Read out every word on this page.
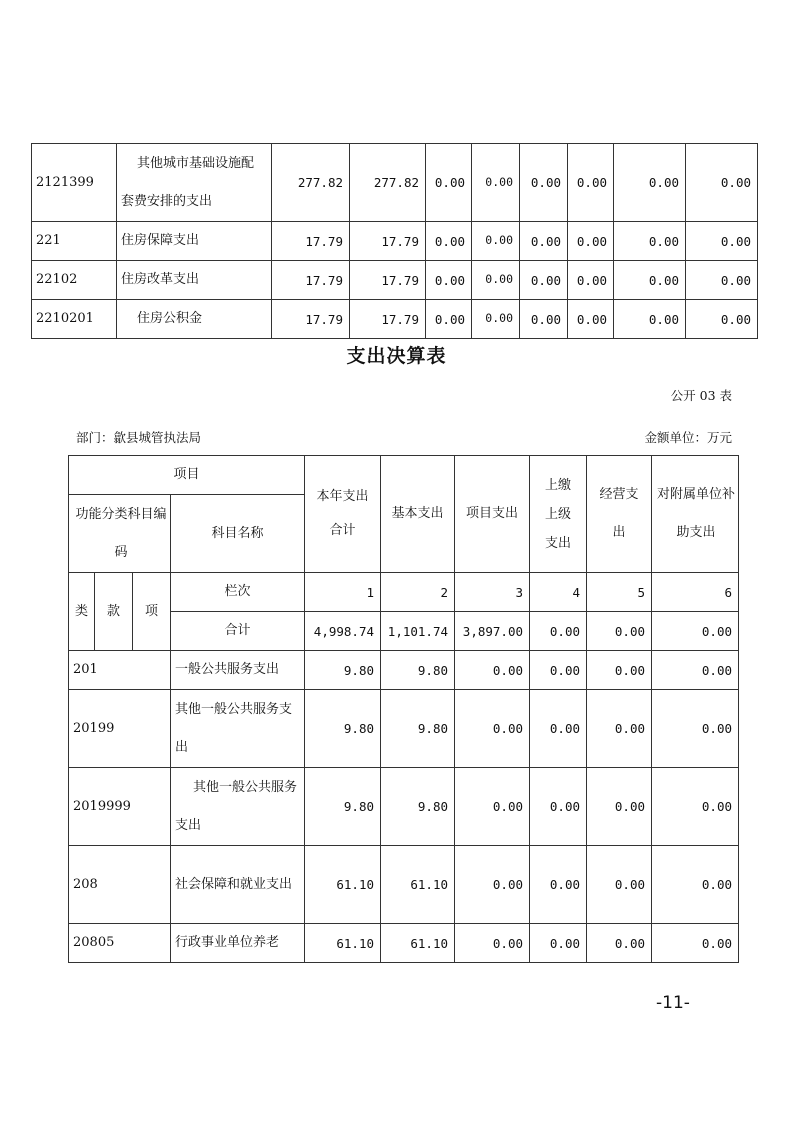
2121399	其他城市基础设施配
套费安排的支出	277.82	277.82	0.00	0.00	0.00	0.00	0.00	0.00
221	住房保障支出	17.79	17.79	0.00	0.00	0.00	0.00	0.00	0.00
22102	住房改革支出	17.79	17.79	0.00	0.00	0.00	0.00	0.00	0.00
2210201	住房公积金	17.79	17.79	0.00	0.00	0.00	0.00	0.00	0.00
支出决算表
公开 03 表
部门：歙县城管执法局	金额单位：万元
项目				本年支出合计	基本支出	项目支出	上缴上级支出	经营支出	对附属单位补助支出

功能分类科目编码			科目名称						
类	款	项	栏次	1	2	3	4	5	6
			合计	4,998.74	1,101.74	3,897.00	0.00	0.00	0.00
201			一般公共服务支出	9.80	9.80	0.00	0.00	0.00	0.00
20199			其他一般公共服务支出	9.80	9.80	0.00	0.00	0.00	0.00
2019999			其他一般公共服务支出	9.80	9.80	0.00	0.00	0.00	0.00
208			社会保障和就业支出	61.10	61.10	0.00	0.00	0.00	0.00
20805			行政事业单位养老	61.10	61.10	0.00	0.00	0.00	0.00
-11-
